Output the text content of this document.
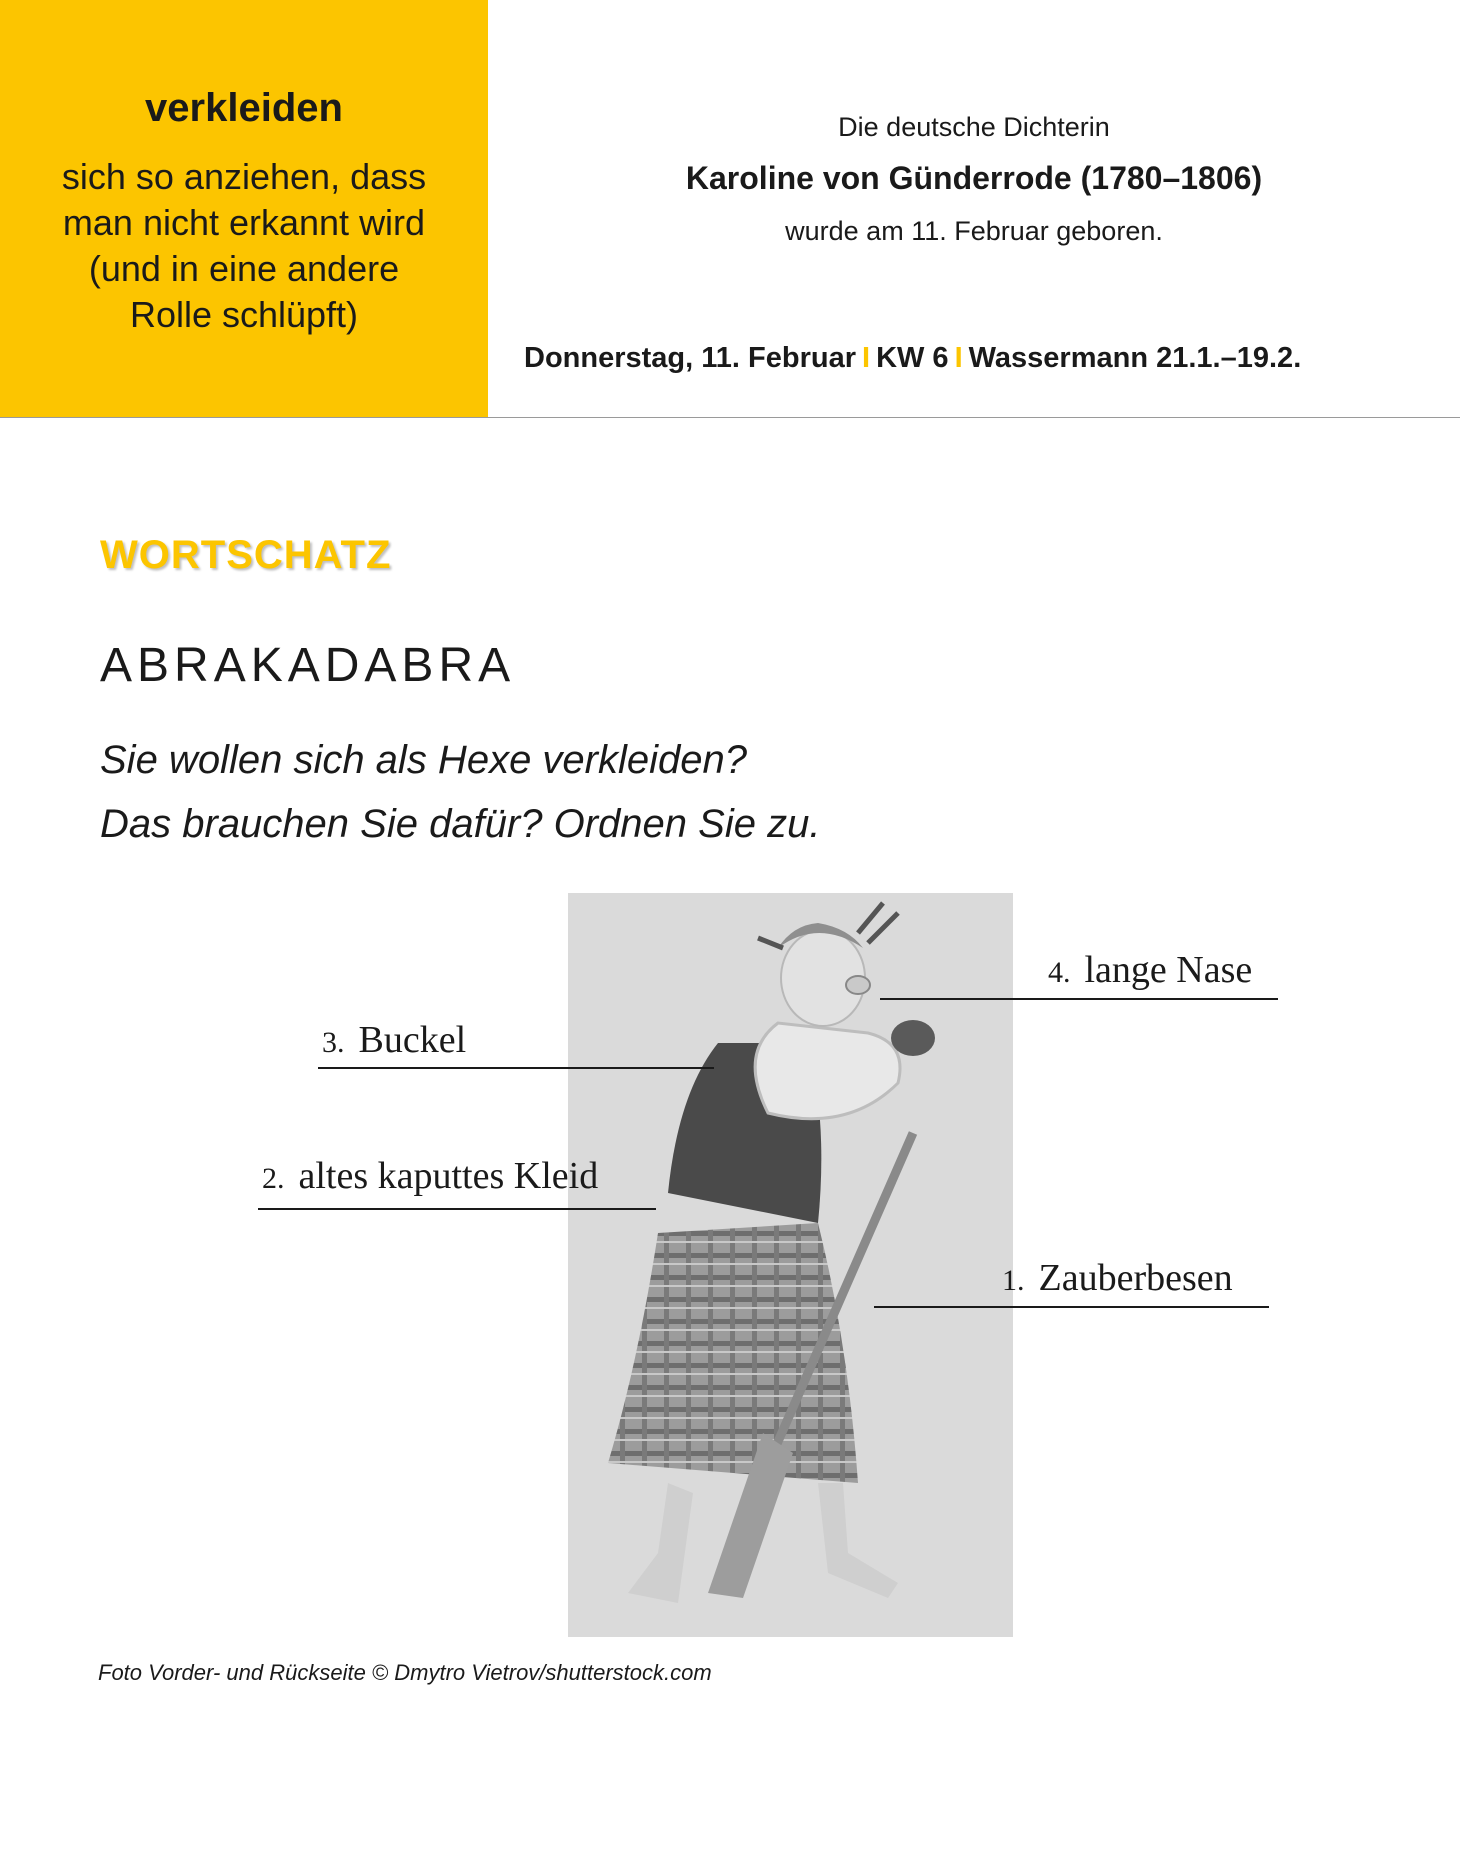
verkleiden
sich so anziehen, dass
man nicht erkannt wird
(und in eine andere
Rolle schlüpft)
Die deutsche Dichterin
Karoline von Günderrode (1780–1806)
wurde am 11. Februar geboren.
Donnerstag, 11. Februar I KW 6 I Wassermann 21.1.–19.2.
WORTSCHATZ
ABRAKADABRA
Sie wollen sich als Hexe verkleiden?
Das brauchen Sie dafür? Ordnen Sie zu.
4. lange Nase
3. Buckel
2. altes kaputtes Kleid
1. Zauberbesen
Foto Vorder- und Rückseite © Dmytro Vietrov/shutterstock.com
